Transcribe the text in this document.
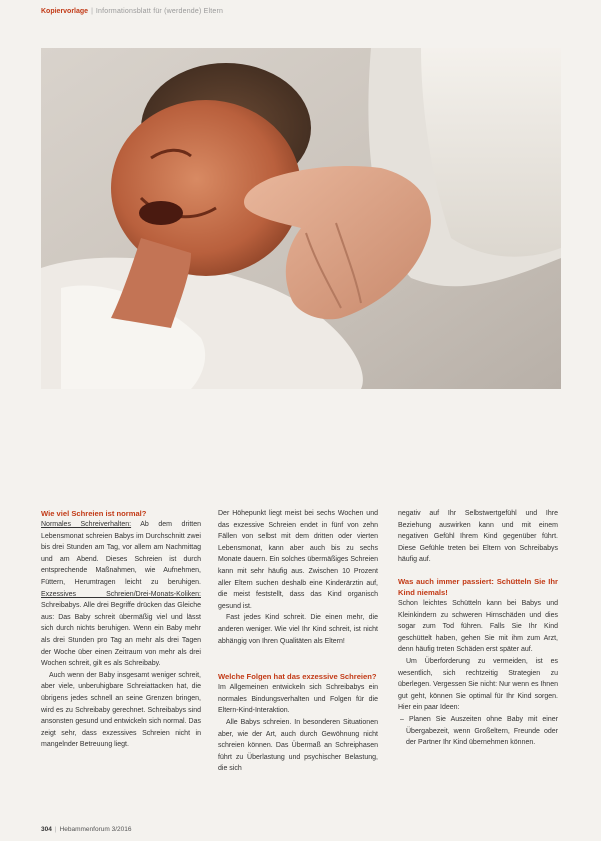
Kopiervorlage | Informationsblatt für (werdende) Eltern
Wie viel Schreien ist normal?

Normales Schreiverhalten: Ab dem dritten Lebensmonat schreien Babys im Durchschnitt zwei bis drei Stunden am Tag, vor allem am Nachmittag und am Abend. Dieses Schreien ist durch entsprechende Maßnahmen, wie Aufnehmen, Füttern, Herumtragen leicht zu beruhigen. Exzessives Schreien/Drei-Monats-Koliken: Schreibabys. Alle drei Begriffe drücken das Gleiche aus: Das Baby schreit übermäßig viel und lässt sich durch nichts beruhigen. Wenn ein Baby mehr als drei Stunden pro Tag an mehr als drei Tagen der Woche über einen Zeitraum von mehr als drei Wochen schreit, gilt es als Schreibaby.

Auch wenn der Baby insgesamt weniger schreit, aber viele, unberuhigbare Schreiattacken hat, die übrigens jedes schnell an seine Grenzen bringen, wird es zu Schreibaby gerechnet. Schreibabys sind ansonsten gesund und entwickeln sich normal. Das zeigt sehr, dass exzessives Schreien nicht in mangelnder Betreuung liegt.

Der Höhepunkt liegt meist bei sechs Wochen und das exzessive Schreien endet in fünf von zehn Fällen von selbst mit dem dritten oder vierten Lebensmonat, kann aber auch bis zu sechs Monate dauern. Ein solches übermäßiges Schreien kann mit sehr häufig aus. Zwischen 10 Prozent aller Eltern suchen deshalb eine Kinderärztin auf, die meist feststellt, dass das Kind organisch gesund ist.

Fast jedes Kind schreit. Die einen mehr, die anderen weniger. Wie viel Ihr Kind schreit, ist nicht abhängig von Ihren Qualitäten als Eltern!

Welche Folgen hat das exzessive Schreien?

Im Allgemeinen entwickeln sich Schreibabys ein normales Bindungsverhalten und Folgen für die Eltern-Kind-Interaktion.

Alle Babys schreien. In besonderen Situationen aber, wie der Art, auch durch Gewöhnung nicht schreien können. Das Übermaß an Schreiphasen führt zu Überlastung und psychischer Belastung, die sich

negativ auf Ihr Selbstwertgefühl und Ihre Beziehung auswirken kann und mit einem negativen Gefühl Ihrem Kind gegenüber führt. Diese Gefühle treten bei Eltern von Schreibabys häufig auf.

Was auch immer passiert: Schütteln Sie Ihr Kind niemals!

Schon leichtes Schütteln kann bei Babys und Kleinkindern zu schweren Hirnschäden und dies sogar zum Tod führen. Falls Sie Ihr Kind geschüttelt haben, gehen Sie mit ihm zum Arzt, denn häufig treten Schäden erst später auf.

Um Überforderung zu vermeiden, ist es wesentlich, sich rechtzeitig Strategien zu überlegen. Vergessen Sie nicht: Nur wenn es Ihnen gut geht, können Sie optimal für Ihr Kind sorgen. Hier ein paar Ideen:

– Planen Sie Auszeiten ohne Baby mit einer Übergabezeit, wenn Großeltern, Freunde oder der Partner Ihr Kind übernehmen können.
304 | Hebammenforum 3/2016
